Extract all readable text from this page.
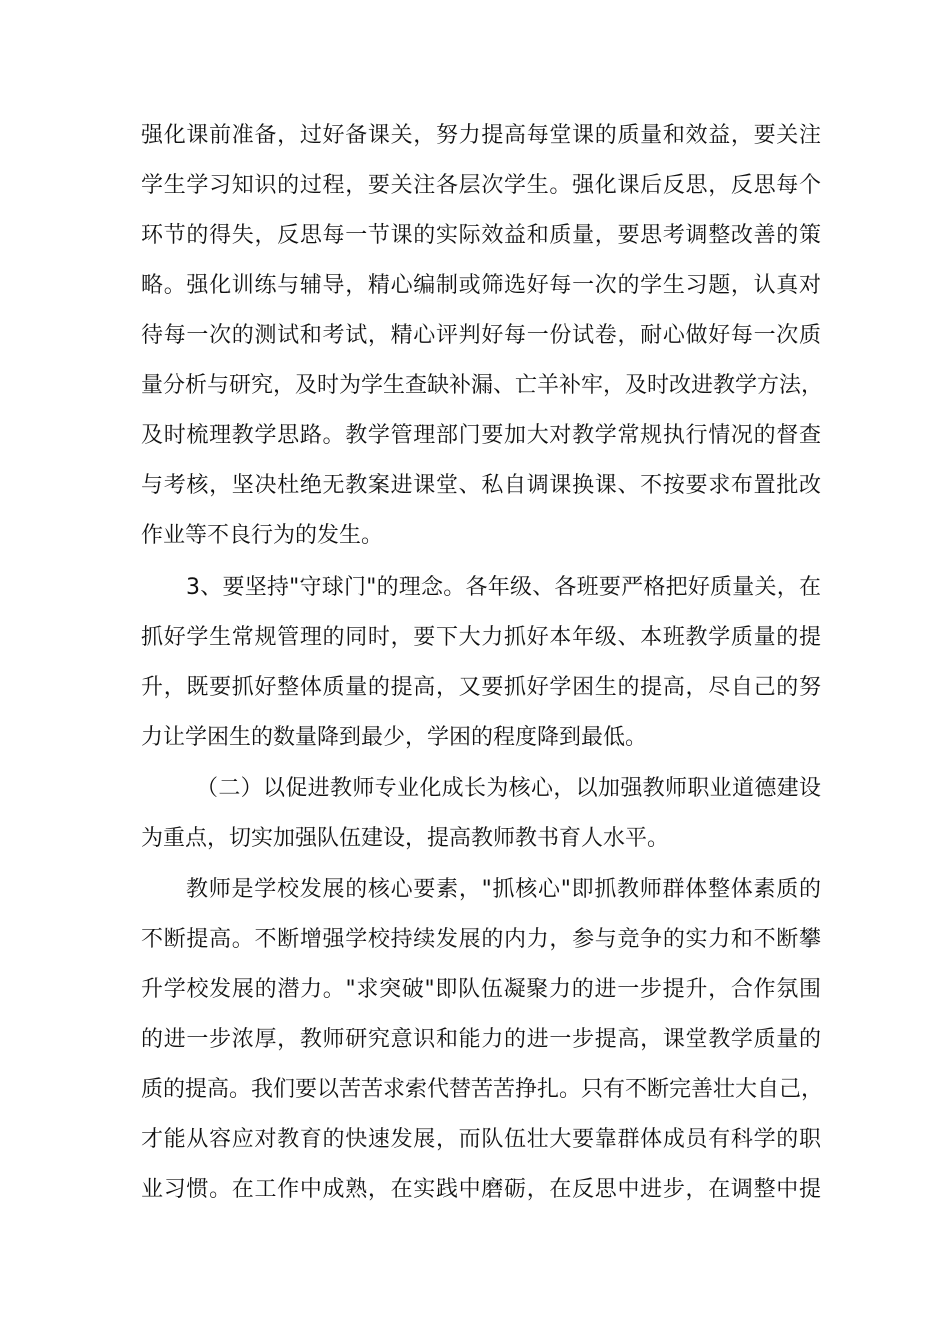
强化课前准备，过好备课关，努力提高每堂课的质量和效益，要关注
学生学习知识的过程，要关注各层次学生。强化课后反思，反思每个
环节的得失，反思每一节课的实际效益和质量，要思考调整改善的策
略。强化训练与辅导，精心编制或筛选好每一次的学生习题，认真对
待每一次的测试和考试，精心评判好每一份试卷，耐心做好每一次质
量分析与研究，及时为学生查缺补漏、亡羊补牢，及时改进教学方法，
及时梳理教学思路。教学管理部门要加大对教学常规执行情况的督查
与考核，坚决杜绝无教案进课堂、私自调课换课、不按要求布置批改
作业等不良行为的发生。
3、要坚持"守球门"的理念。各年级、各班要严格把好质量关，在
抓好学生常规管理的同时，要下大力抓好本年级、本班教学质量的提
升，既要抓好整体质量的提高，又要抓好学困生的提高，尽自己的努
力让学困生的数量降到最少，学困的程度降到最低。
（二）以促进教师专业化成长为核心，以加强教师职业道德建设
为重点，切实加强队伍建设，提高教师教书育人水平。
教师是学校发展的核心要素，"抓核心"即抓教师群体整体素质的
不断提高。不断增强学校持续发展的内力，参与竞争的实力和不断攀
升学校发展的潜力。"求突破"即队伍凝聚力的进一步提升，合作氛围
的进一步浓厚，教师研究意识和能力的进一步提高，课堂教学质量的
质的提高。我们要以苦苦求索代替苦苦挣扎。只有不断完善壮大自己，
才能从容应对教育的快速发展，而队伍壮大要靠群体成员有科学的职
业习惯。在工作中成熟，在实践中磨砺，在反思中进步，在调整中提
